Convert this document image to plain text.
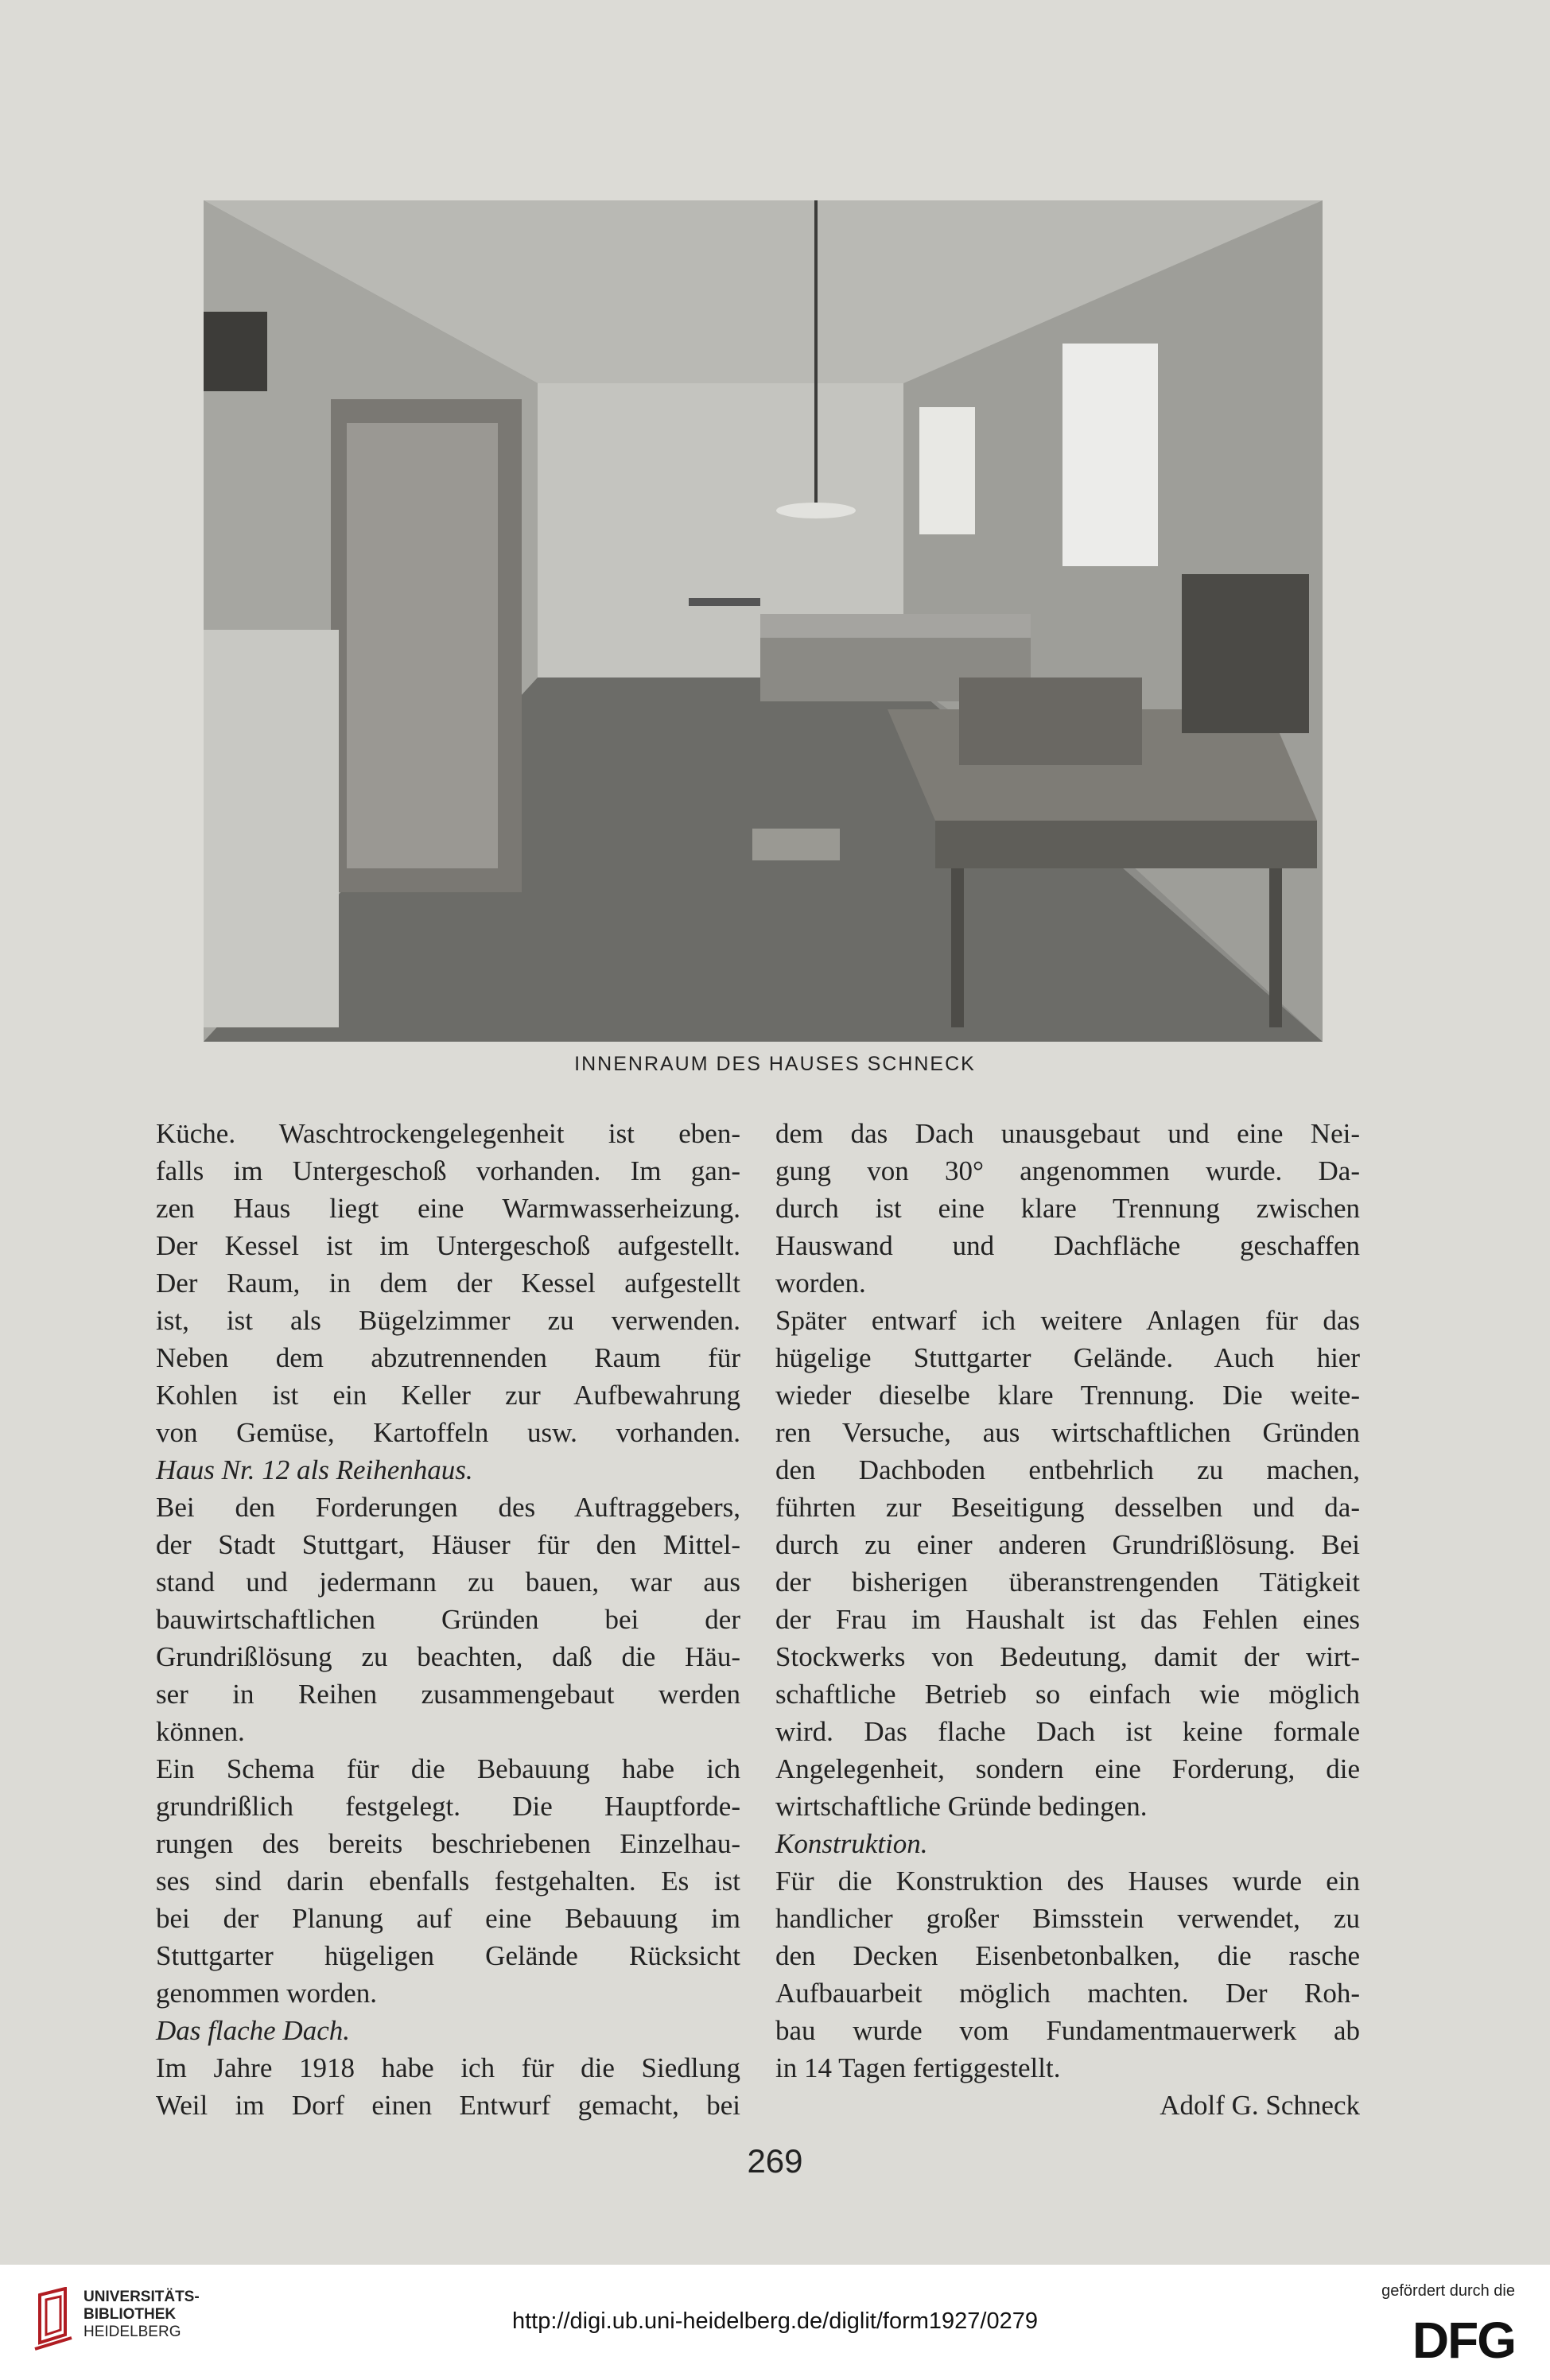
INNENRAUM DES HAUSES SCHNECK
Küche. Waschtrockengelegenheit ist eben-
falls im Untergeschoß vorhanden. Im gan-
zen Haus liegt eine Warmwasserheizung.
Der Kessel ist im Untergeschoß aufgestellt.
Der Raum, in dem der Kessel aufgestellt
ist, ist als Bügelzimmer zu verwenden.
Neben dem abzutrennenden Raum für
Kohlen ist ein Keller zur Aufbewahrung
von Gemüse, Kartoffeln usw. vorhanden.
Haus Nr. 12 als Reihenhaus.
Bei den Forderungen des Auftraggebers,
der Stadt Stuttgart, Häuser für den Mittel-
stand und jedermann zu bauen, war aus
bauwirtschaftlichen Gründen bei der
Grundrißlösung zu beachten, daß die Häu-
ser in Reihen zusammengebaut werden
können.
Ein Schema für die Bebauung habe ich
grundrißlich festgelegt. Die Hauptforde-
rungen des bereits beschriebenen Einzelhau-
ses sind darin ebenfalls festgehalten. Es ist
bei der Planung auf eine Bebauung im
Stuttgarter hügeligen Gelände Rücksicht
genommen worden.
Das flache Dach.
Im Jahre 1918 habe ich für die Siedlung
Weil im Dorf einen Entwurf gemacht, bei
dem das Dach unausgebaut und eine Nei-
gung von 30° angenommen wurde. Da-
durch ist eine klare Trennung zwischen
Hauswand und Dachfläche geschaffen
worden.
Später entwarf ich weitere Anlagen für das
hügelige Stuttgarter Gelände. Auch hier
wieder dieselbe klare Trennung. Die weite-
ren Versuche, aus wirtschaftlichen Gründen
den Dachboden entbehrlich zu machen,
führten zur Beseitigung desselben und da-
durch zu einer anderen Grundrißlösung. Bei
der bisherigen überanstrengenden Tätigkeit
der Frau im Haushalt ist das Fehlen eines
Stockwerks von Bedeutung, damit der wirt-
schaftliche Betrieb so einfach wie möglich
wird. Das flache Dach ist keine formale
Angelegenheit, sondern eine Forderung, die
wirtschaftliche Gründe bedingen.
Konstruktion.
Für die Konstruktion des Hauses wurde ein
handlicher großer Bimsstein verwendet, zu
den Decken Eisenbetonbalken, die rasche
Aufbauarbeit möglich machten. Der Roh-
bau wurde vom Fundamentmauerwerk ab
in 14 Tagen fertiggestellt.
Adolf G. Schneck
269
UNIVERSITÄTS-
BIBLIOTHEK
HEIDELBERG	http://digi.ub.uni-heidelberg.de/diglit/form1927/0279
gefördert durch die
DFG
